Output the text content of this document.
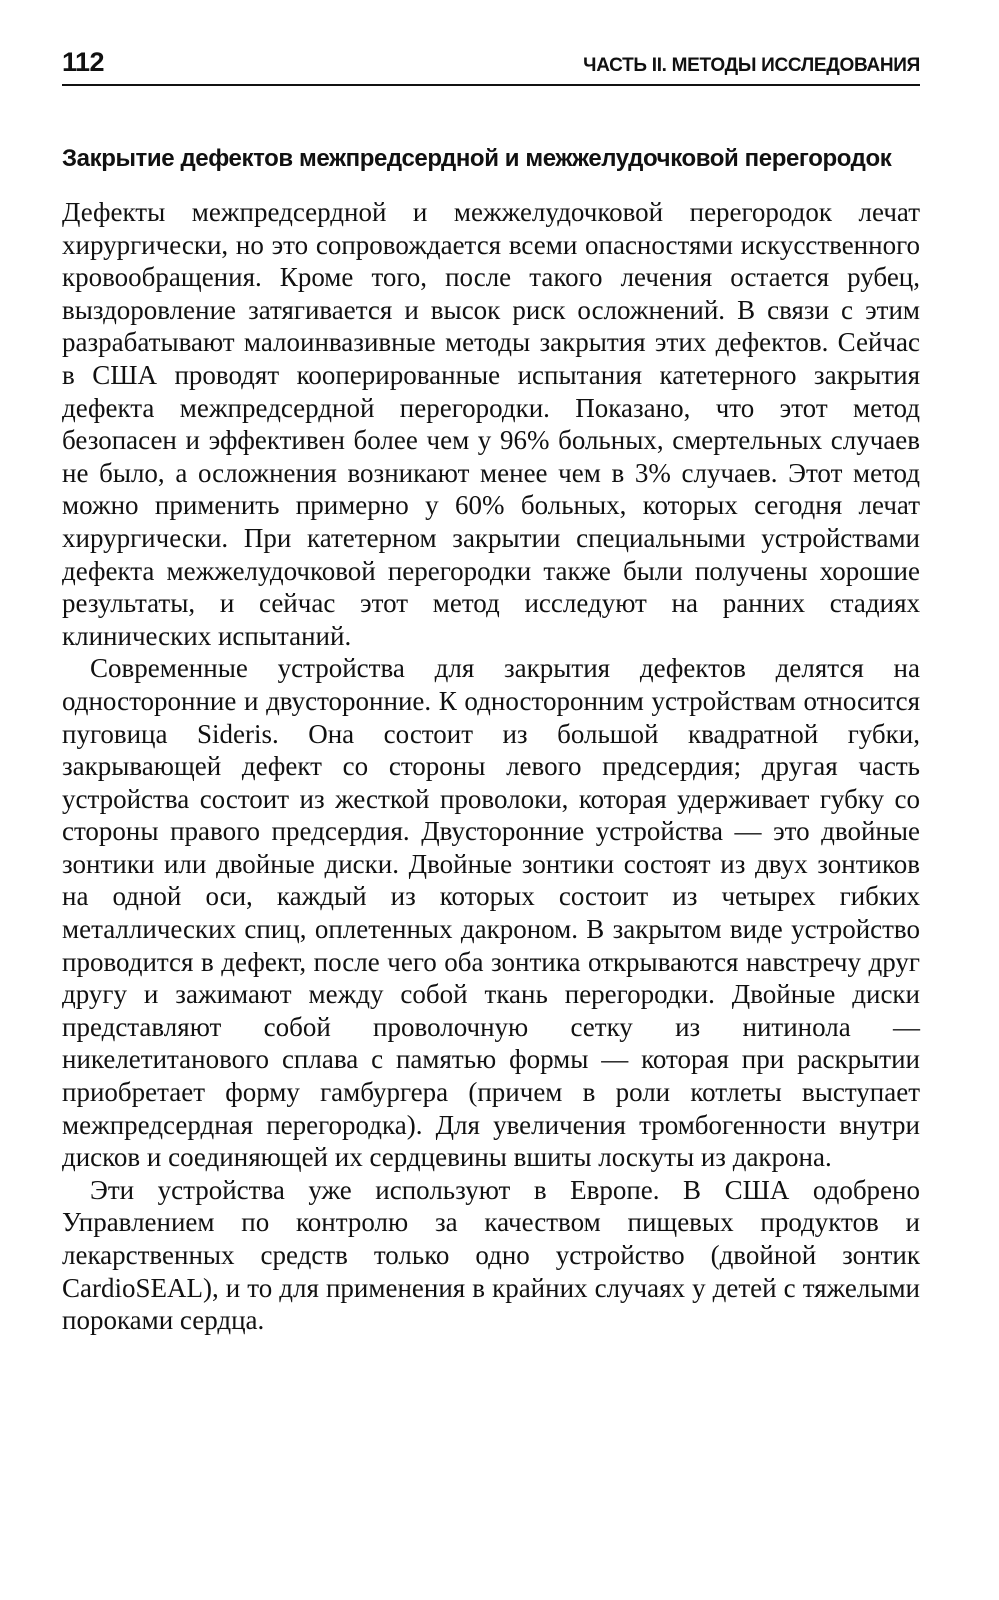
112	ЧАСТЬ II. МЕТОДЫ ИССЛЕДОВАНИЯ
Закрытие дефектов межпредсердной и межжелудочковой перегородок

Дефекты межпредсердной и межжелудочковой перегородок лечат хирургически, но это сопровождается всеми опасностями искусственного кровообращения. Кроме того, после такого лечения остается рубец, выздоровление затягивается и высок риск осложнений. В связи с этим разрабатывают малоинвазивные методы закрытия этих дефектов. Сейчас в США проводят кооперированные испытания катетерного закрытия дефекта межпредсердной перегородки. Показано, что этот метод безопасен и эффективен более чем у 96% больных, смертельных случаев не было, а осложнения возникают менее чем в 3% случаев. Этот метод можно применить примерно у 60% больных, которых сегодня лечат хирургически. При катетерном закрытии специальными устройствами дефекта межжелудочковой перегородки также были получены хорошие результаты, и сейчас этот метод исследуют на ранних стадиях клинических испытаний.

Современные устройства для закрытия дефектов делятся на односторонние и двусторонние. К односторонним устройствам относится пуговица Sideris. Она состоит из большой квадратной губки, закрывающей дефект со стороны левого предсердия; другая часть устройства состоит из жесткой проволоки, которая удерживает губку со стороны правого предсердия. Двусторонние устройства — это двойные зонтики или двойные диски. Двойные зонтики состоят из двух зонтиков на одной оси, каждый из которых состоит из четырех гибких металлических спиц, оплетенных дакроном. В закрытом виде устройство проводится в дефект, после чего оба зонтика открываются навстречу друг другу и зажимают между собой ткань перегородки. Двойные диски представляют собой проволочную сетку из нитинола — никелетитанового сплава с памятью формы — которая при раскрытии приобретает форму гамбургера (причем в роли котлеты выступает межпредсердная перегородка). Для увеличения тромбогенности внутри дисков и соединяющей их сердцевины вшиты лоскуты из дакрона.

Эти устройства уже используют в Европе. В США одобрено Управлением по контролю за качеством пищевых продуктов и лекарственных средств только одно устройство (двойной зонтик CardioSEAL), и то для применения в крайних случаях у детей с тяжелыми пороками сердца.
